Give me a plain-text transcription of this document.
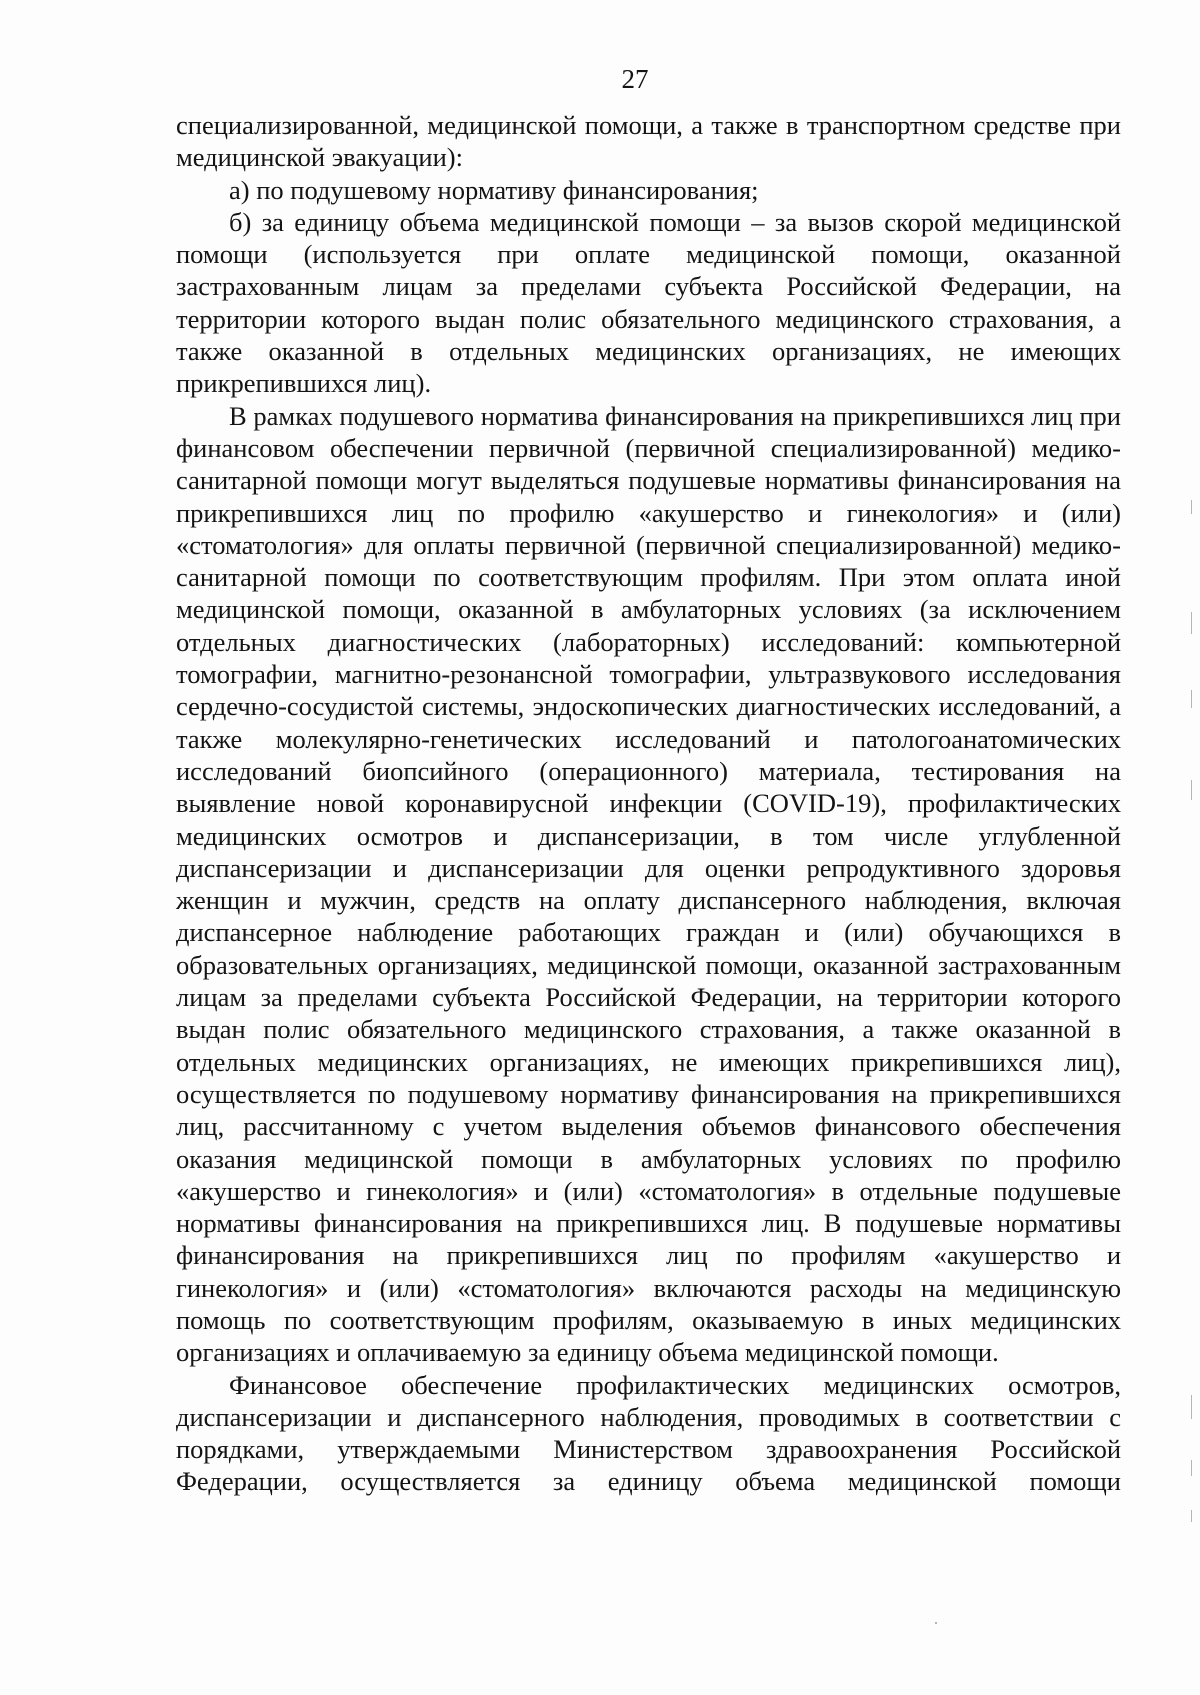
27

специализированной, медицинской помощи, а также в транспортном средстве при медицинской эвакуации):

а) по подушевому нормативу финансирования;

б) за единицу объема медицинской помощи – за вызов скорой медицинской помощи (используется при оплате медицинской помощи, оказанной застрахованным лицам за пределами субъекта Российской Федерации, на территории которого выдан полис обязательного медицинского страхования, а также оказанной в отдельных медицинских организациях, не имеющих прикрепившихся лиц).

В рамках подушевого норматива финансирования на прикрепившихся лиц при финансовом обеспечении первичной (первичной специализированной) медико-санитарной помощи могут выделяться подушевые нормативы финансирования на прикрепившихся лиц по профилю «акушерство и гинекология» и (или) «стоматология» для оплаты первичной (первичной специализированной) медико-санитарной помощи по соответствующим профилям. При этом оплата иной медицинской помощи, оказанной в амбулаторных условиях (за исключением отдельных диагностических (лабораторных) исследований: компьютерной томографии, магнитно-резонансной томографии, ультразвукового исследования сердечно-сосудистой системы, эндоскопических диагностических исследований, а также молекулярно-генетических исследований и патологоанатомических исследований биопсийного (операционного) материала, тестирования на выявление новой коронавирусной инфекции (COVID-19), профилактических медицинских осмотров и диспансеризации, в том числе углубленной диспансеризации и диспансеризации для оценки репродуктивного здоровья женщин и мужчин, средств на оплату диспансерного наблюдения, включая диспансерное наблюдение работающих граждан и (или) обучающихся в образовательных организациях, медицинской помощи, оказанной застрахованным лицам за пределами субъекта Российской Федерации, на территории которого выдан полис обязательного медицинского страхования, а также оказанной в отдельных медицинских организациях, не имеющих прикрепившихся лиц), осуществляется по подушевому нормативу финансирования на прикрепившихся лиц, рассчитанному с учетом выделения объемов финансового обеспечения оказания медицинской помощи в амбулаторных условиях по профилю «акушерство и гинекология» и (или) «стоматология» в отдельные подушевые нормативы финансирования на прикрепившихся лиц. В подушевые нормативы финансирования на прикрепившихся лиц по профилям «акушерство и гинекология» и (или) «стоматология» включаются расходы на медицинскую помощь по соответствующим профилям, оказываемую в иных медицинских организациях и оплачиваемую за единицу объема медицинской помощи.

Финансовое обеспечение профилактических медицинских осмотров, диспансеризации и диспансерного наблюдения, проводимых в соответствии с порядками, утверждаемыми Министерством здравоохранения Российской Федерации, осуществляется за единицу объема медицинской помощи
